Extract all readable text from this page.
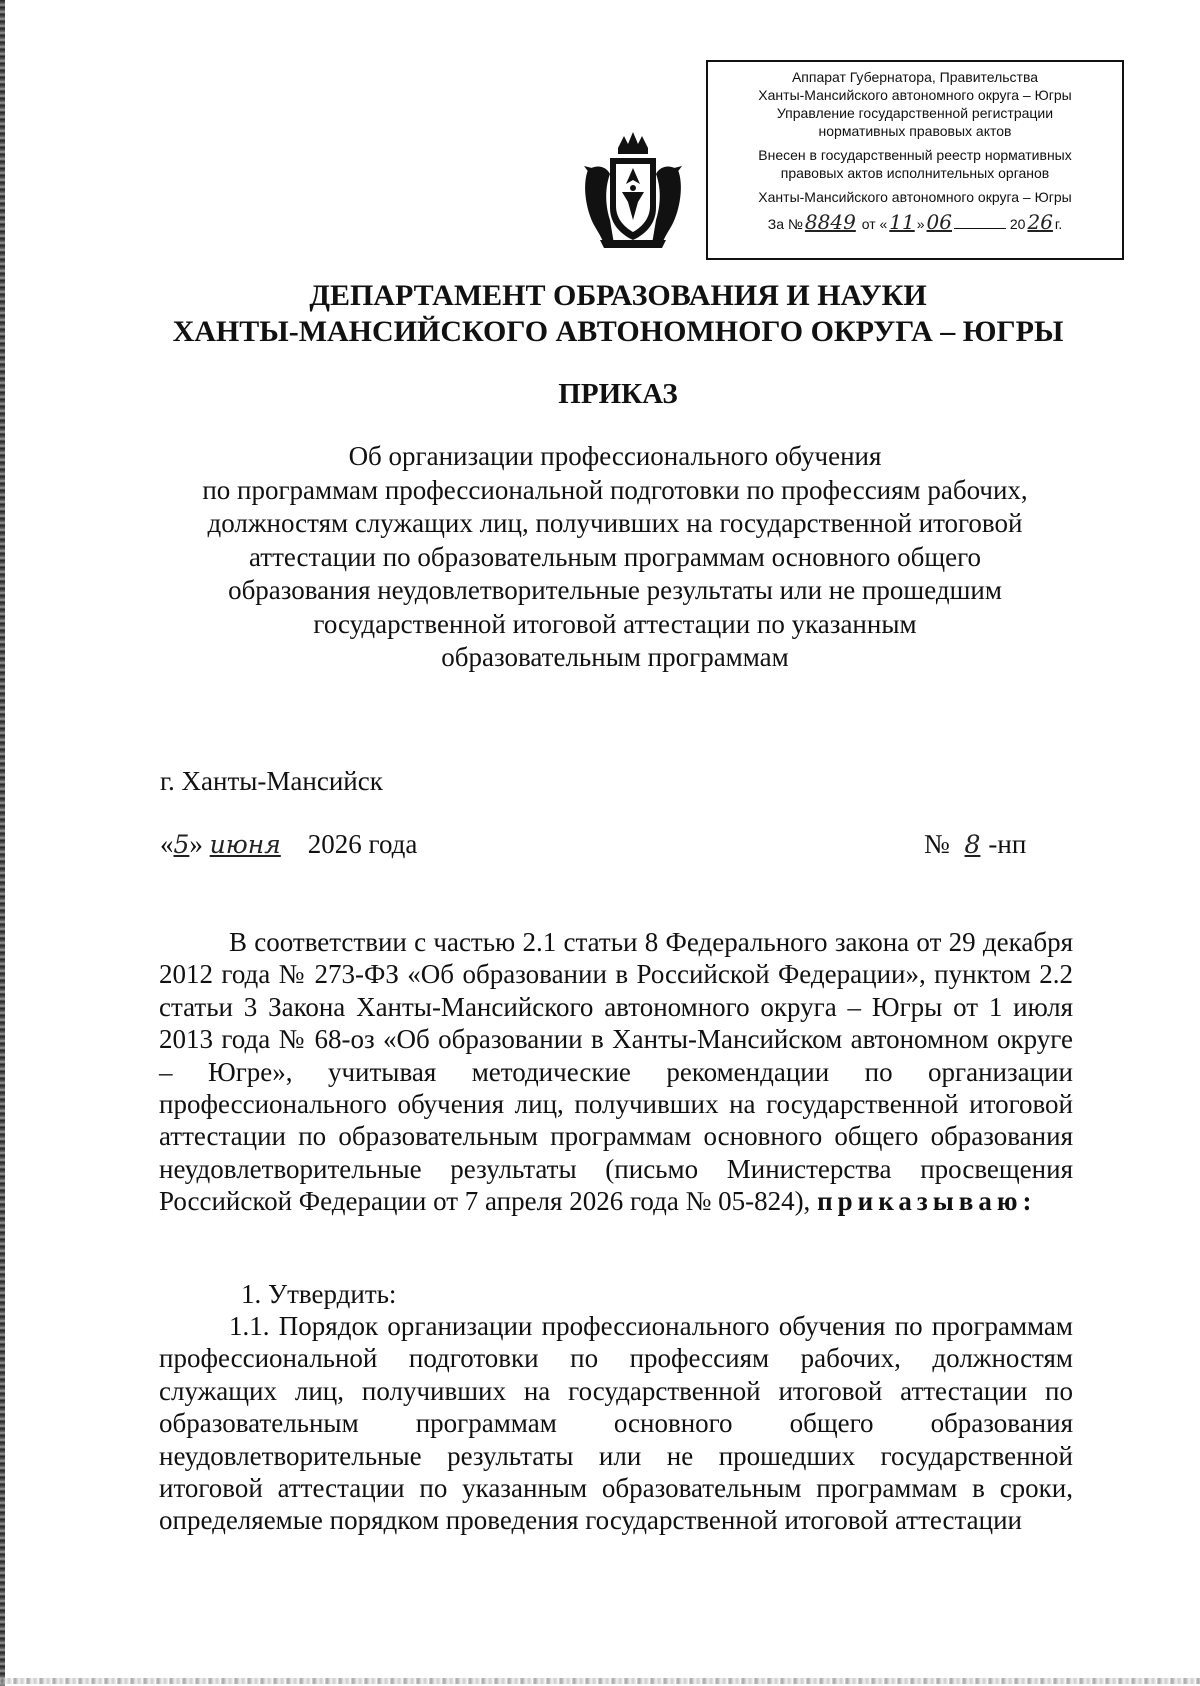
Аппарат Губернатора, Правительства
Ханты-Мансийского автономного округа – Югры
Управление государственной регистрации
нормативных правовых актов
Внесен в государственный реестр нормативных
правовых актов исполнительных органов
Ханты-Мансийского автономного округа – Югры
За № 8849 от « 11 » 06	20 26 г.
ДЕПАРТАМЕНТ ОБРАЗОВАНИЯ И НАУКИ
ХАНТЫ-МАНСИЙСКОГО АВТОНОМНОГО ОКРУГА – ЮГРЫ
ПРИКАЗ
Об организации профессионального обучения
по программам профессиональной подготовки по профессиям рабочих,
должностям служащих лиц, получивших на государственной итоговой
аттестации по образовательным программам основного общего
образования неудовлетворительные результаты или не прошедшим
государственной итоговой аттестации по указанным
образовательным программам
г. Ханты-Мансийск
«5» июня 2026 года	№ 8 -нп

В соответствии с частью 2.1 статьи 8 Федерального закона от 29 декабря 2012 года № 273-ФЗ «Об образовании в Российской Федерации», пунктом 2.2 статьи 3 Закона Ханты-Мансийского автономного округа – Югры от 1 июля 2013 года № 68-оз «Об образовании в Ханты-Мансийском автономном округе – Югре», учитывая методические рекомендации по организации профессионального обучения лиц, получивших на государственной итоговой аттестации по образовательным программам основного общего образования неудовлетворительные результаты (письмо Министерства просвещения Российской Федерации от 7 апреля 2026 года № 05-824), приказываю:

1. Утвердить:

1.1. Порядок организации профессионального обучения по программам профессиональной подготовки по профессиям рабочих, должностям служащих лиц, получивших на государственной итоговой аттестации по образовательным программам основного общего образования неудовлетворительные результаты или не прошедших государственной итоговой аттестации по указанным образовательным программам в сроки, определяемые порядком проведения государственной итоговой аттестации
